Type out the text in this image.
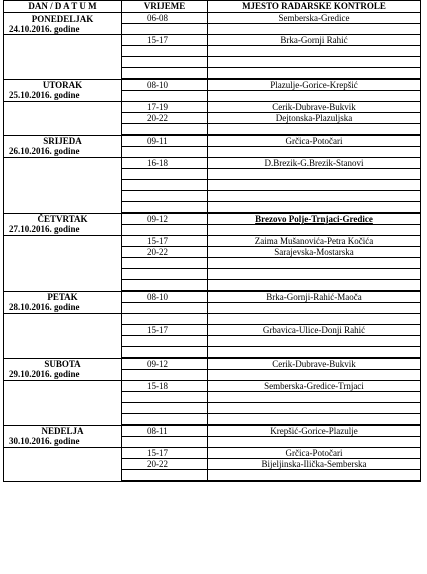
DAN / D A T U M	VRIJEME	MJESTO RADARSKE KONTROLE

PONEDELJAK
24.10.2016. godine	06-08	Semberska-Gredice

	15-17	Brka-Gornji Rahić

UTORAK
25.10.2016. godine	08-10	Plazulje-Gorice-Krepšić

	17-19	Cerik-Dubrave-Bukvik
	20-22	Dejtonska-Plazuljska

SRIJEDA
26.10.2016. godine	09-11	Grčica-Potočari

	16-18	D.Brezik-G.Brezik-Stanovi

ČETVRTAK
27.10.2016. godine	09-12	Brezovo Polje-Trnjaci-Gredice

	15-17	Zaima Mušanovića-Petra Kočića
	20-22	Sarajevska-Mostarska

PETAK
28.10.2016. godine	08-10	Brka-Gornji-Rahić-Maoča

	15-17	Grbavica-Ulice-Donji Rahić

SUBOTA
29.10.2016. godine	09-12	Cerik-Dubrave-Bukvik

	15-18	Semberska-Gredice-Trnjaci

NEDELJA
30.10.2016. godine	08-11	Krepšić-Gorice-Plazulje

	15-17	Grčica-Potočari
	20-22	Bijeljinska-Ilička-Semberska
